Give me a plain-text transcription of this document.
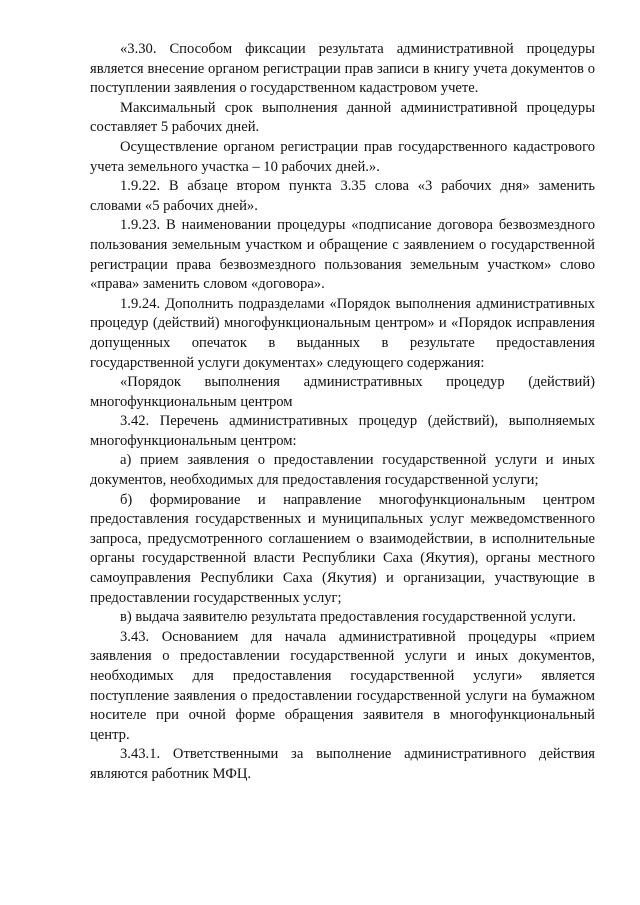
«3.30. Способом фиксации результата административной процедуры является внесение органом регистрации прав записи в книгу учета документов о поступлении заявления о государственном кадастровом учете.

Максимальный срок выполнения данной административной процедуры составляет 5 рабочих дней.

Осуществление органом регистрации прав государственного кадастрового учета земельного участка – 10 рабочих дней.».

1.9.22. В абзаце втором пункта 3.35 слова «3 рабочих дня» заменить словами «5 рабочих дней».

1.9.23. В наименовании процедуры «подписание договора безвозмездного пользования земельным участком и обращение с заявлением о государственной регистрации права безвозмездного пользования земельным участком» слово «права» заменить словом «договора».

1.9.24. Дополнить подразделами «Порядок выполнения административных процедур (действий) многофункциональным центром» и «Порядок исправления допущенных опечаток в выданных в результате предоставления государственной услуги документах» следующего содержания:

«Порядок выполнения административных процедур (действий) многофункциональным центром

3.42. Перечень административных процедур (действий), выполняемых многофункциональным центром:

а) прием заявления о предоставлении государственной услуги и иных документов, необходимых для предоставления государственной услуги;

б) формирование и направление многофункциональным центром предоставления государственных и муниципальных услуг межведомственного запроса, предусмотренного соглашением о взаимодействии, в исполнительные органы государственной власти Республики Саха (Якутия), органы местного самоуправления Республики Саха (Якутия) и организации, участвующие в предоставлении государственных услуг;

в) выдача заявителю результата предоставления государственной услуги.

3.43. Основанием для начала административной процедуры «прием заявления о предоставлении государственной услуги и иных документов, необходимых для предоставления государственной услуги» является поступление заявления о предоставлении государственной услуги на бумажном носителе при очной форме обращения заявителя в многофункциональный центр.

3.43.1. Ответственными за выполнение административного действия являются работник МФЦ.
